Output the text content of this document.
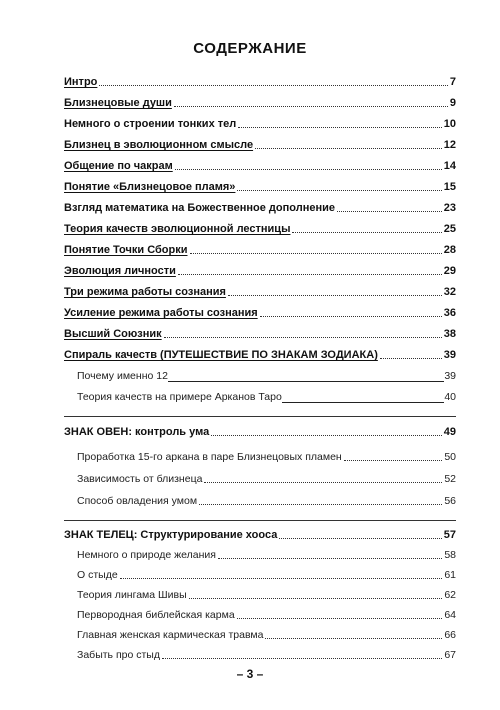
СОДЕРЖАНИЕ
Интро	7
Близнецовые души	9
Немного о строении тонких тел	10
Близнец в эволюционном смысле	12
Общение по чакрам	14
Понятие «Близнецовое пламя»	15
Взгляд математика на Божественное дополнение	23
Теория качеств эволюционной лестницы	25
Понятие Точки Сборки	28
Эволюция личности	29
Три режима работы сознания	32
Усиление режима работы сознания	36
Высший Союзник	38
Спираль качеств (ПУТЕШЕСТВИЕ ПО ЗНАКАМ ЗОДИАКА)	39
Почему именно 12	39
Теория качеств на примере Арканов Таро	40
ЗНАК ОВЕН: контроль ума	49
Проработка 15-го аркана в паре Близнецовых пламен	50
Зависимость от близнеца	52
Способ овладения умом	56
ЗНАК ТЕЛЕЦ: Структурирование хооса	57
Немного о природе желания	58
О стыде	61
Теория лингама Шивы	62
Первородная библейская карма	64
Главная женская кармическая травма	66
Забыть про стыд	67
– 3 –
